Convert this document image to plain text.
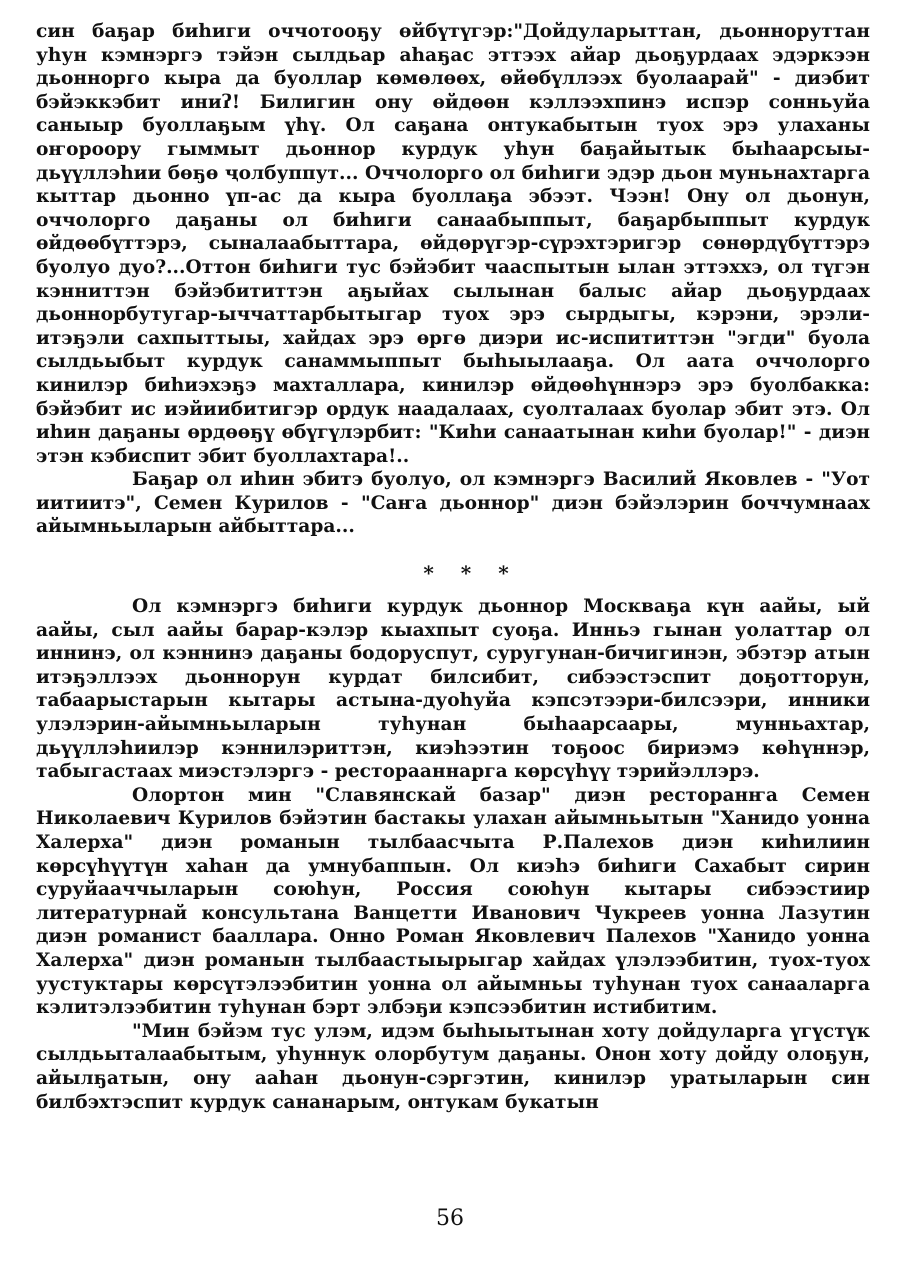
син баҕар биһиги оччотооҕу өйбүтүгэр:"Дойдуларыттан, дьонноруттан уһун кэмнэргэ тэйэн сылдьар аһаҕас эттээх айар дьоҕурдаах эдэркээн дьонноргo кыра да буоллар көмөлөөх, өйөбүллээх буолаарай" - диэбит бэйэккэбит иниʔ! Билигин ону өйдөөн кэллээхпинэ испэр сонньуйа саныыр буоллаҕым үһү. Ол саҕана онтукабытын туох эрэ улаханы оҥороору гыммыт дьоннор курдук уһун баҕайытык быһаарсыы-дьүүллэһии бөҕө ҷолбуппут... Оччолорго ол биһиги эдэр дьон муньнахтарга кыттар дьонно үп-ас да кыра буоллаҕа эбээт. Чээн! Ону ол дьонун, оччолорго даҕаны ол биһиги санаабыппыт, баҕарбыппыт курдук өйдөөбүттэрэ, сыналаабыттара, өйдөрүгэр-сүрэхтэригэр сөнөрдүбүттэрэ буолуо дуо?...Оттон биһиги тус бэйэбит чааспытын ылан эттэххэ, ол түгэн кэнниттэн бэйэбититтэн аҕыйах сылынан балыс айар дьоҕурдаах дьоннорбутугар-ыччаттарбытыгар туох эрэ сырдыгы, кэрэни, эрэли-итэҕэли сахпыттыы, хайдах эрэ өргө диэри ис-испититтэн "эгди" буола сылдьыбыт курдук санаммыппыт быһыылааҕа. Ол аата оччолорго кинилэр биһиэхэҕэ махталлара, кинилэр өйдөөһүннэрэ эрэ буолбакка: бэйэбит ис иэйиибитигэр ордук наадалаах, суолталаах буолар эбит этэ. Ол иһин даҕаны өрдөөҕү өбүгүлэрбит: "Киһи санаатынан киһи буолар!" - диэн этэн кэбиспит эбит буоллахтара!..

Баҕар ол иһин эбитэ буолуо, ол кэмнэргэ Василий Яковлев - "Уот иитиитэ", Семен Курилов - "Саҥа дьоннор" диэн бэйэлэрин боччумнаах айымньыларын айбыттара...

* * *

Ол кэмнэргэ биһиги курдук дьоннор Москваҕа күн аайы, ый аайы, сыл аайы барар-кэлэр кыахпыт суоҕа. Инньэ гынан уолаттар ол иннинэ, ол кэннинэ даҕаны бодоруспут, суругунан-бичигинэн, эбэтэр атын итэҕэллээх дьоннорун курдат билсибит, сибээстэспит доҕотторун, табаарыстарын кытары астына-дуоһуйа кэпсэтээри-билсээри, инники улэлэрин-айымньыларын туһунан быһаарсаары, мунньахтар, дьүүллэһиилэр кэннилэриттэн, киэһээтин тоҕоос бириэмэ көһүннэр, табыгастаах миэстэлэргэ - ресторааннарга көрсүһүү тэрийэллэрэ.

Олортон мин "Славянскай базар" диэн ресторанҥа Семен Николаевич Курилов бэйэтин бастакы улахан айымньытын "Ханидо уонна Халерха" диэн романын тылбаасчыта Р.Палехов диэн киһилиин көрсүһүүтүн хаһан да умнубаппын. Ол киэһэ биһиги Сахабыт сирин суруйааччыларын союһун, Россия союһун кытары сибээстиир литературнай консультана Ванцетти Иванович Чукреев уонна Лазутин диэн романист бааллара. Онно Роман Яковлевич Палехов "Ханидо уонна Халерха" диэн романын тылбаастыырыгар хайдах үлэлээбитин, туох-туох уустуктары көрсүтэлээбитин уонна ол айымньы туһунан туох санааларга кэлитэлээбитин туһунан бэрт элбэҕи кэпсээбитин истибитим.

"Мин бэйэм тус улэм, идэм быһыытынан хоту дойдуларга үгүстүк сылдьыталаабытым, уһуннук олорбутум даҕаны. Онон хоту дойду олоҕун, айылҕатын, ону ааһан дьонун-сэргэтин, кинилэр уратыларын син билбэхтэспит курдук сананарым, онтукам букатын

56
